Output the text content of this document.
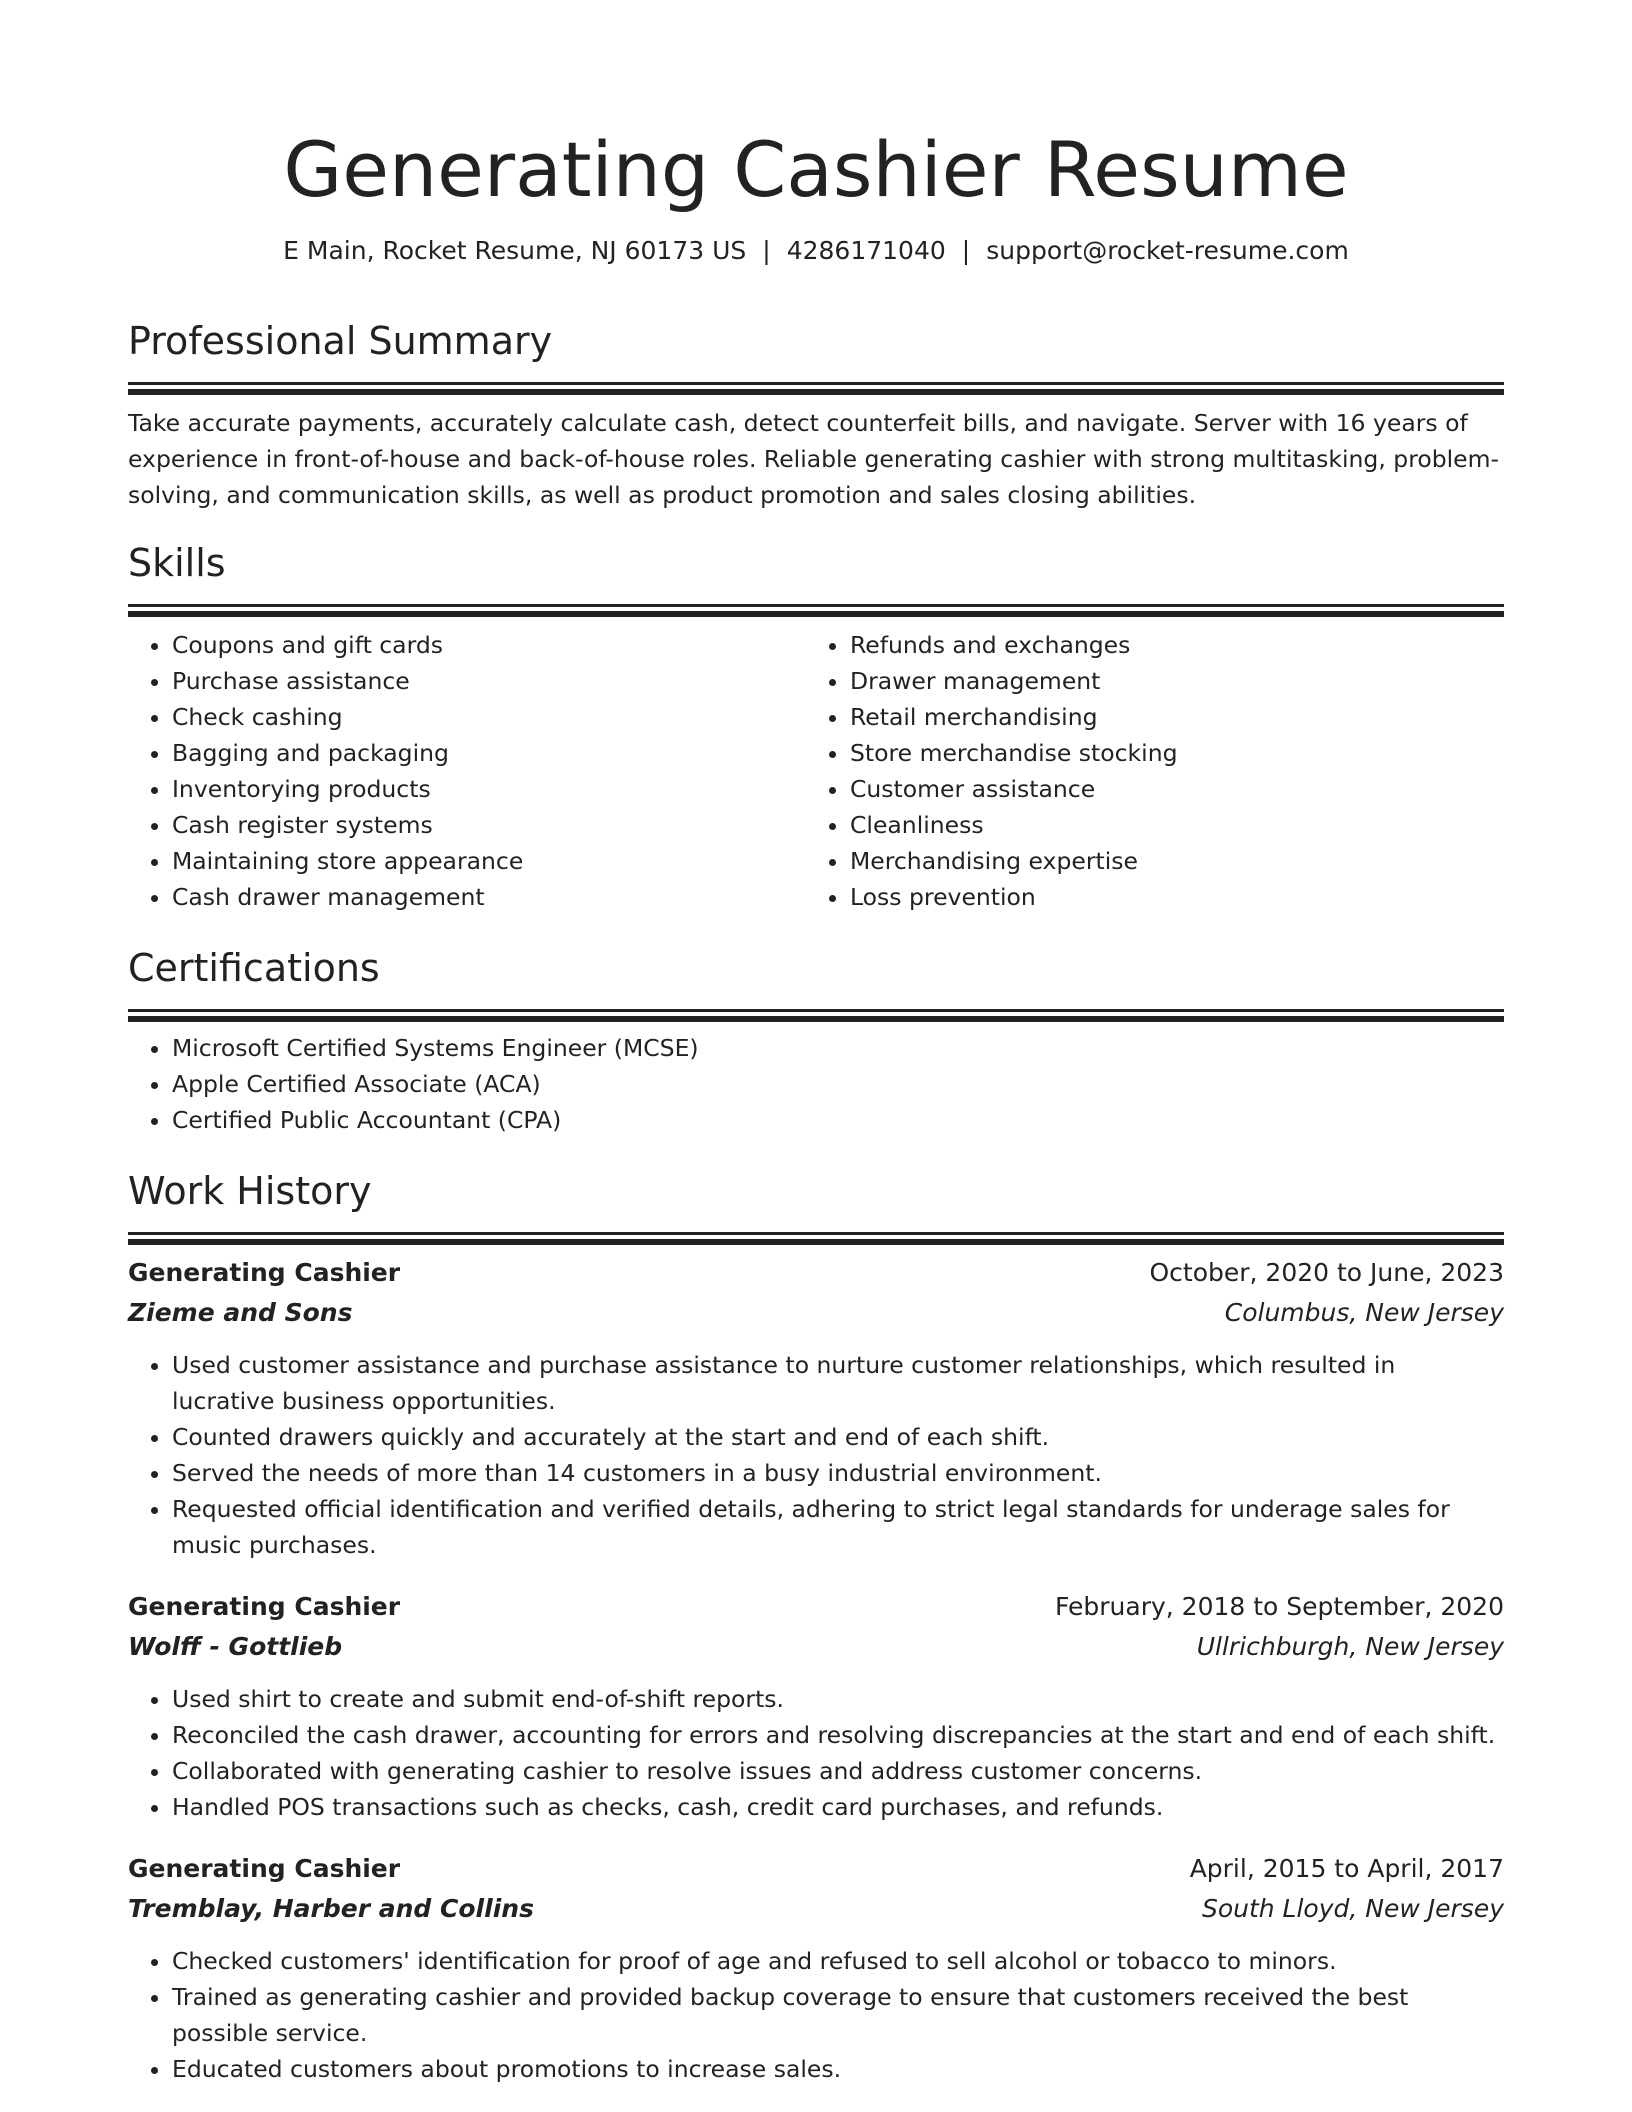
Generating Cashier Resume
E Main, Rocket Resume, NJ 60173 US | 4286171040 | support@rocket-resume.com
Professional Summary
Take accurate payments, accurately calculate cash, detect counterfeit bills, and navigate. Server with 16 years of experience in front-of-house and back-of-house roles. Reliable generating cashier with strong multitasking, problem-solving, and communication skills, as well as product promotion and sales closing abilities.
Skills
• Coupons and gift cards
• Purchase assistance
• Check cashing
• Bagging and packaging
• Inventorying products
• Cash register systems
• Maintaining store appearance
• Cash drawer management
• Refunds and exchanges
• Drawer management
• Retail merchandising
• Store merchandise stocking
• Customer assistance
• Cleanliness
• Merchandising expertise
• Loss prevention
Certifications
• Microsoft Certified Systems Engineer (MCSE)
• Apple Certified Associate (ACA)
• Certified Public Accountant (CPA)
Work History
Generating Cashier	October, 2020 to June, 2023
Zieme and Sons	Columbus, New Jersey
• Used customer assistance and purchase assistance to nurture customer relationships, which resulted in lucrative business opportunities.
• Counted drawers quickly and accurately at the start and end of each shift.
• Served the needs of more than 14 customers in a busy industrial environment.
• Requested official identification and verified details, adhering to strict legal standards for underage sales for music purchases.
Generating Cashier	February, 2018 to September, 2020
Wolff - Gottlieb	Ullrichburgh, New Jersey
• Used shirt to create and submit end-of-shift reports.
• Reconciled the cash drawer, accounting for errors and resolving discrepancies at the start and end of each shift.
• Collaborated with generating cashier to resolve issues and address customer concerns.
• Handled POS transactions such as checks, cash, credit card purchases, and refunds.
Generating Cashier	April, 2015 to April, 2017
Tremblay, Harber and Collins	South Lloyd, New Jersey
• Checked customers' identification for proof of age and refused to sell alcohol or tobacco to minors.
• Trained as generating cashier and provided backup coverage to ensure that customers received the best possible service.
• Educated customers about promotions to increase sales.
